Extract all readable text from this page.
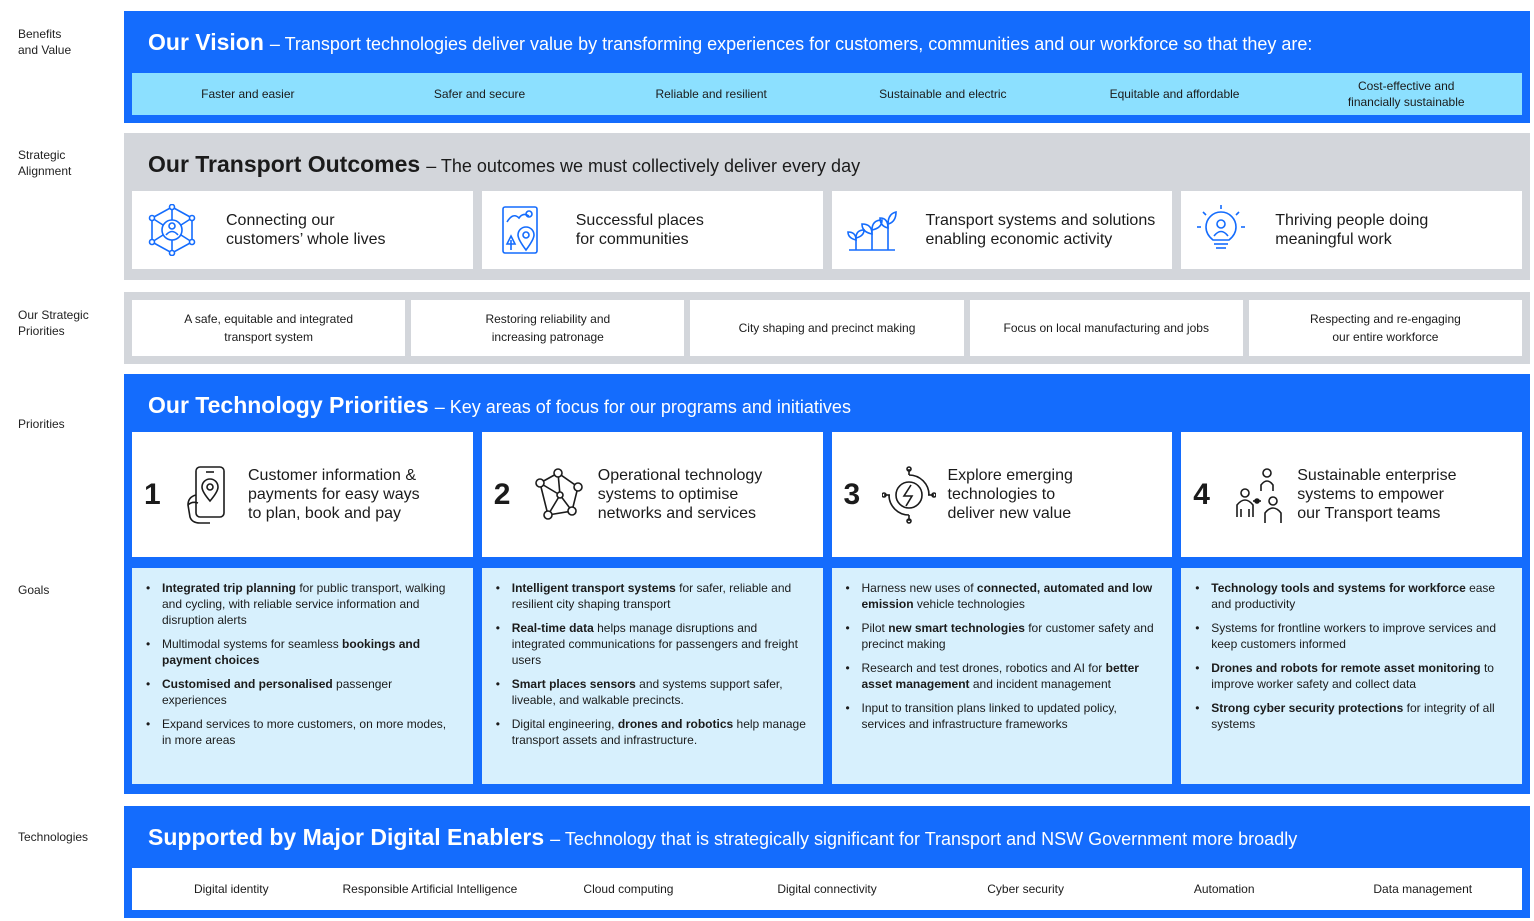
Benefits
and Value
Strategic
Alignment
Our Strategic
Priorities
Priorities
Goals
Technologies
Our Vision – Transport technologies deliver value by transforming experiences for customers, communities and our workforce so that they are:
Faster and easier	Safer and secure	Reliable and resilient	Sustainable and electric	Equitable and affordable
Cost-effective and
financially sustainable
Our Transport Outcomes – The outcomes we must collectively deliver every day
Connecting our
customers’ whole lives
Successful places
for communities
Transport systems and solutions
enabling economic activity
Thriving people doing
meaningful work
A safe, equitable and integrated
transport system
Restoring reliability and
increasing patronage
City shaping and precinct making	Focus on local manufacturing and jobs
Respecting and re-engaging
our entire workforce
Our Technology Priorities – Key areas of focus for our programs and initiatives
1
Customer information &
payments for easy ways
to plan, book and pay
2
Operational technology
systems to optimise
networks and services
3
Explore emerging
technologies to
deliver new value
4
Sustainable enterprise
systems to empower
our Transport teams
• Integrated trip planning for public transport, walking and cycling, with reliable service information and disruption alerts
• Multimodal systems for seamless bookings and payment choices
• Customised and personalised passenger experiences
• Expand services to more customers, on more modes, in more areas
• Intelligent transport systems for safer, reliable and resilient city shaping transport
• Real-time data helps manage disruptions and integrated communications for passengers and freight users
• Smart places sensors and systems support safer, liveable, and walkable precincts.
• Digital engineering, drones and robotics help manage transport assets and infrastructure.
• Harness new uses of connected, automated and low emission vehicle technologies
• Pilot new smart technologies for customer safety and precinct making
• Research and test drones, robotics and AI for better asset management and incident management
• Input to transition plans linked to updated policy, services and infrastructure frameworks
• Technology tools and systems for workforce ease and productivity
• Systems for frontline workers to improve services and keep customers informed
• Drones and robots for remote asset monitoring to improve worker safety and collect data
• Strong cyber security protections for integrity of all systems
Supported by Major Digital Enablers – Technology that is strategically significant for Transport and NSW Government more broadly
Digital identity	Responsible Artificial Intelligence	Cloud computing	Digital connectivity	Cyber security	Automation	Data management
